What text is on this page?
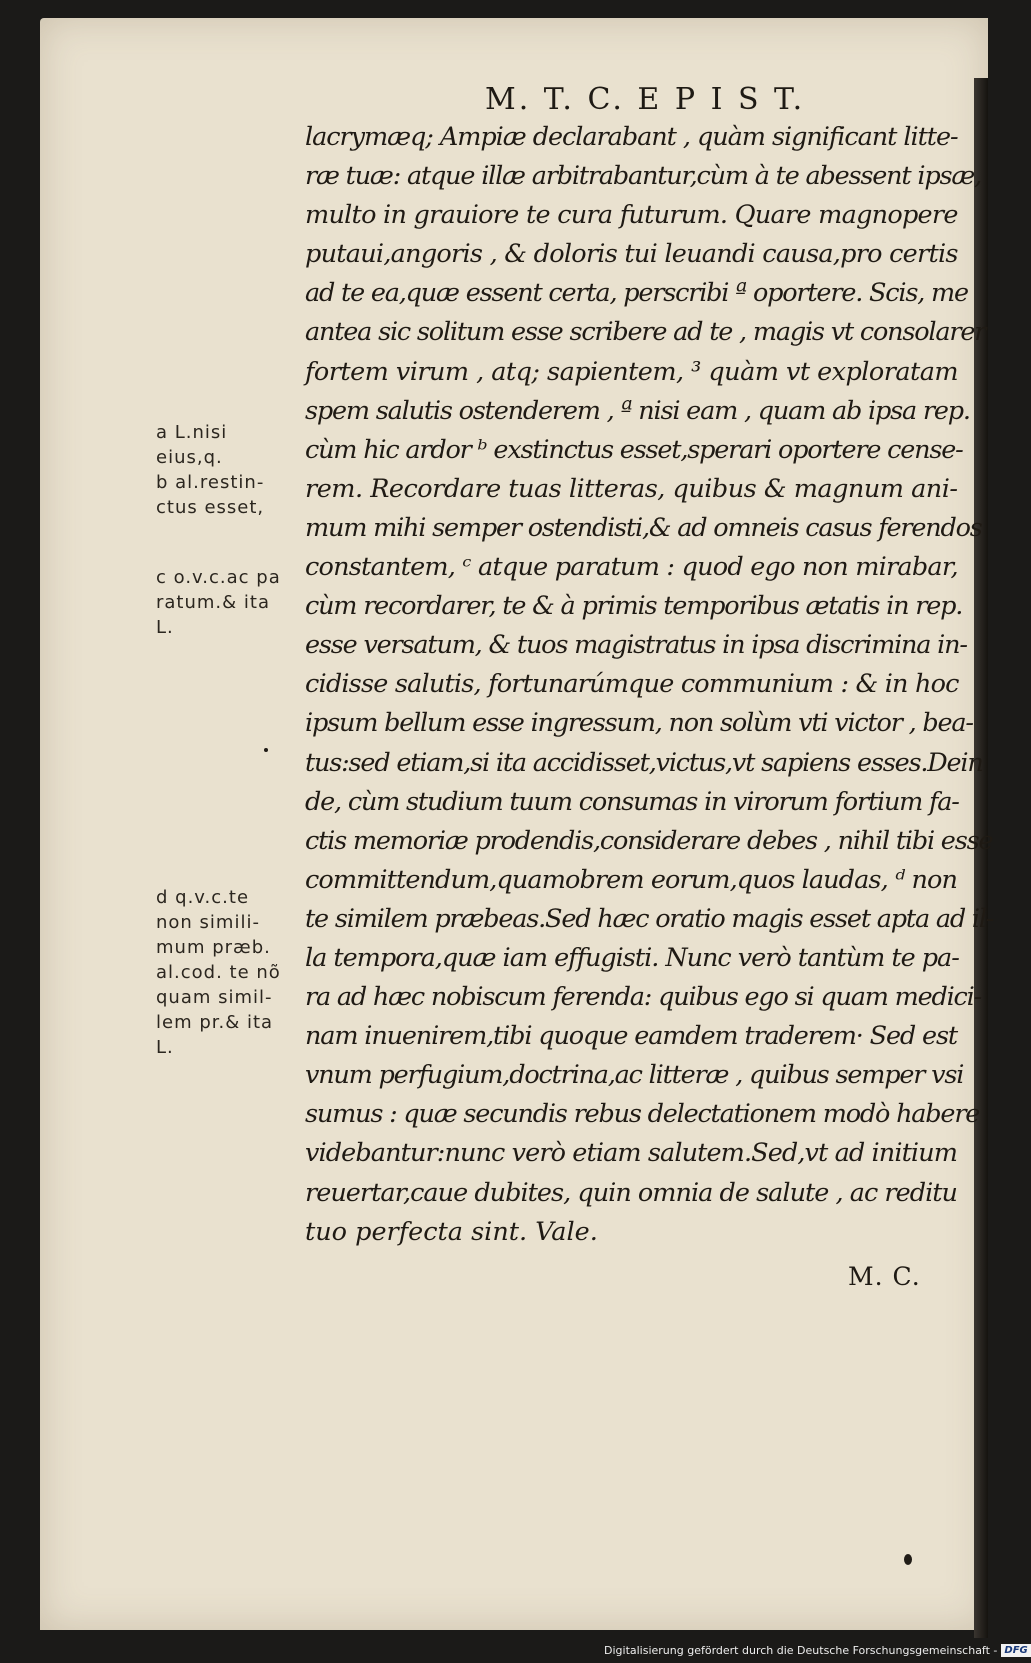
M. T. C. E P I S T.
lacrymæq; Ampiæ declarabant , quàm significant litte-
ræ tuæ: atque illæ arbitrabantur,cùm à te abessent ipsæ,
multo in grauiore te cura futurum. Quare magnopere
putaui,angoris , & doloris tui leuandi causa,pro certis
ad te ea,quæ essent certa, perscribi ª oportere. Scis, me
antea sic solitum esse scribere ad te , magis vt consolarer
fortem virum , atq; sapientem, ³ quàm vt exploratam
spem salutis ostenderem , ª nisi eam , quam ab ipsa rep.
cùm hic ardor ᵇ exstinctus esset,sperari oportere cense-
rem. Recordare tuas litteras, quibus & magnum ani-
mum mihi semper ostendisti,& ad omneis casus ferendos
constantem, ᶜ atque paratum : quod ego non mirabar,
cùm recordarer, te & à primis temporibus ætatis in rep.
esse versatum, & tuos magistratus in ipsa discrimina in-
cidisse salutis, fortunarúmque communium : & in hoc
ipsum bellum esse ingressum, non solùm vti victor , bea-
tus:sed etiam,si ita accidisset,victus,vt sapiens esses.Dein
de, cùm studium tuum consumas in virorum fortium fa-
ctis memoriæ prodendis,considerare debes , nihil tibi esse
committendum,quamobrem eorum,quos laudas, ᵈ non
te similem præbeas.Sed hæc oratio magis esset apta ad il-
la tempora,quæ iam effugisti. Nunc verò tantùm te pa-
ra ad hæc nobiscum ferenda: quibus ego si quam medici-
nam inuenirem,tibi quoque eamdem traderem· Sed est
vnum perfugium,doctrina,ac litteræ , quibus semper vsi
sumus : quæ secundis rebus delectationem modò habere
videbantur:nunc verò etiam salutem.Sed,vt ad initium
reuertar,caue dubites, quin omnia de salute , ac reditu
tuo perfecta sint. Vale.
M. C.
a L.nisi
eius,q.
b al.restin-
ctus esset,
c o.v.c.ac pa
ratum.& ita
L.
d q.v.c.te
non simili-
mum præb.
al.cod. te nõ
quam simil-
lem pr.& ita
L.
Digitalisierung gefördert durch die Deutsche Forschungsgemeinschaft - DFG
